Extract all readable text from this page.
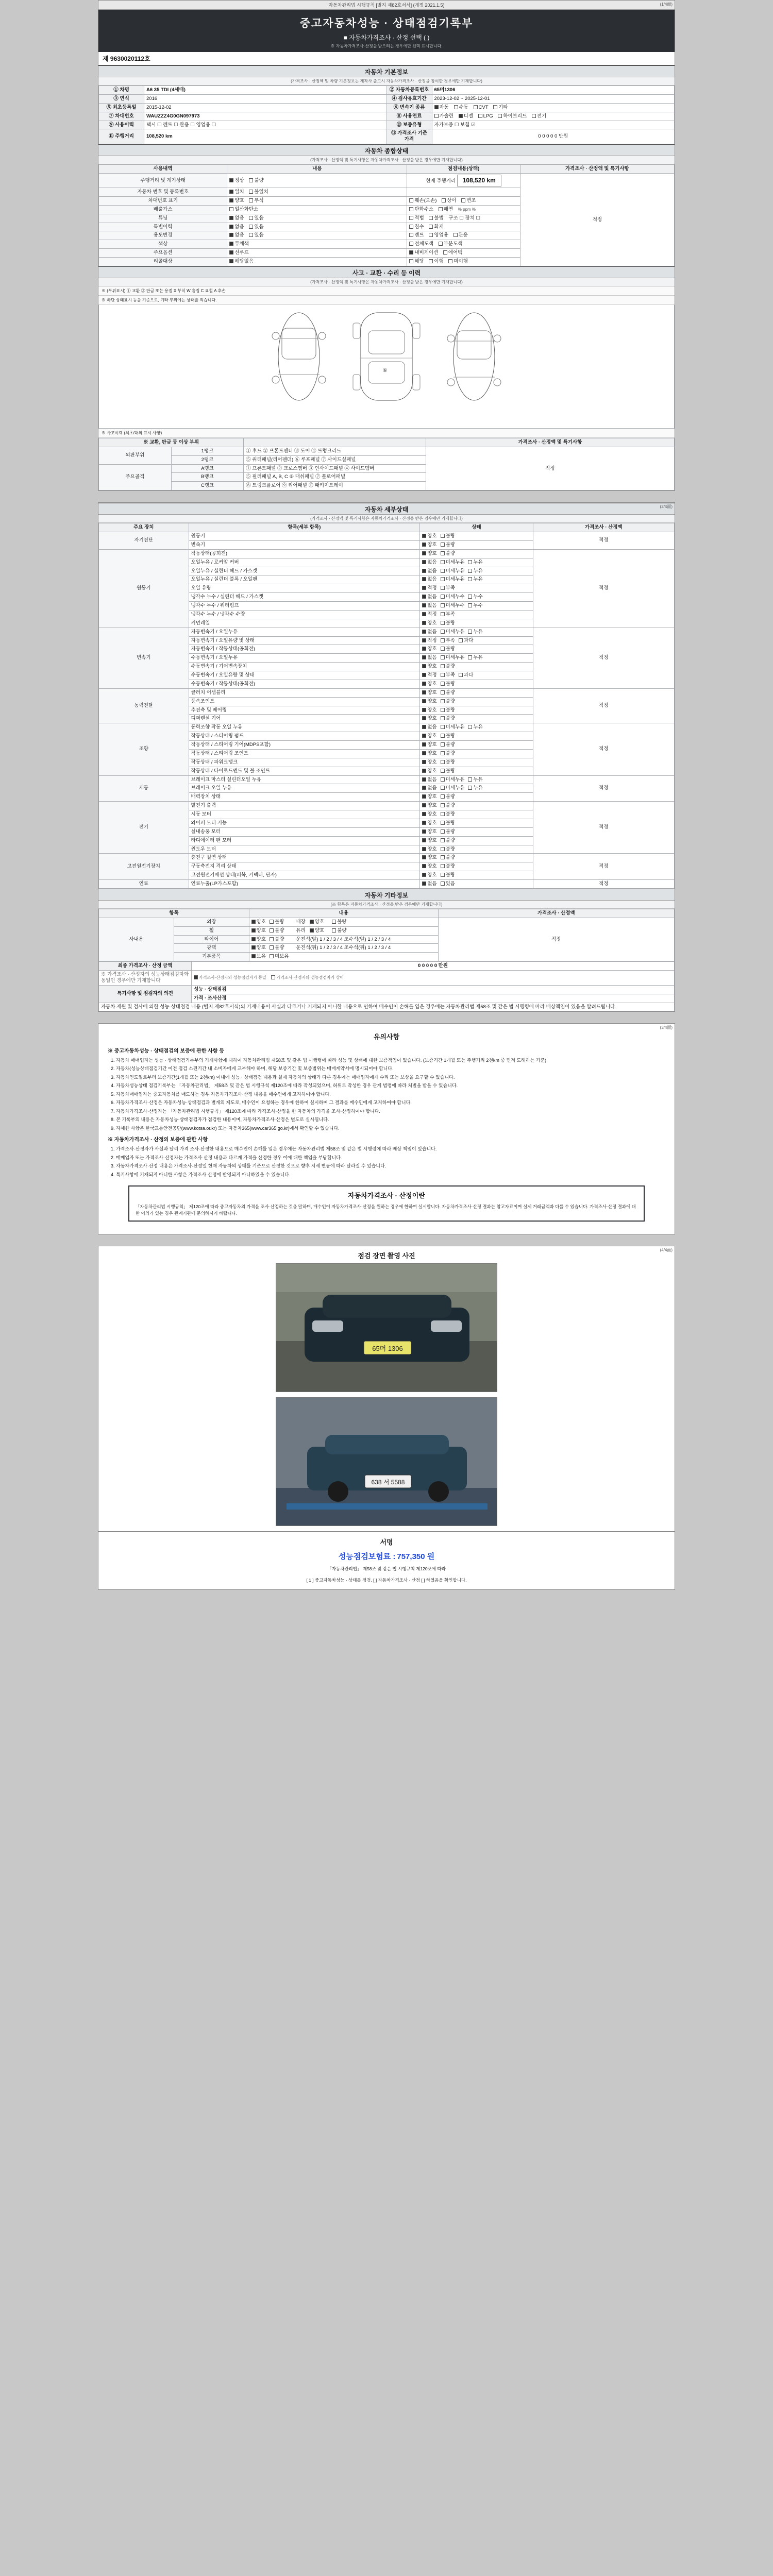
자동차관리법 시행규칙 [별지 제82호서식] (개정 2021.1.5)	(1/4面)
중고자동차성능 · 상태점검기록부
■ 자동차가격조사 · 산정 선택 ( )
※ 자동차가격조사·산정을 받으려는 경우에만 선택 표시합니다.
제 9630020112호
자동차 기본정보
(가격조사 · 산정액 및 차량 기본정보는 제작사 출고시 자동차가격조사 · 산정을 참여한 경우에만 기재합니다)
① 차명	A6 35 TDI (4세대)	② 자동차등록번호	65머1306
③ 연식	2016	④ 검사유효기간	2023-12-02 ~ 2025-12-01
⑤ 최초등록일	2015-12-02	⑥ 변속기 종류	자동 수동 CVT 기타
⑦ 차대번호	WAUZZZ4G0GN097973	⑧ 사용연료	가솔린 디젤 LPG 하이브리드 전기
⑨ 사용이력	택시 ☐ 렌트 ☐ 관용 ☐ 영업용 ☐	⑩ 보증유형	자가보증 ☐ 보험 ☑
⑪ 주행거리	108,520 km	⑫ 가격조사 기준가격	0 0 0 0 0 만원
자동차 종합상태
(가격조사 · 산정액 및 특기사항은 자동차가격조사 · 산정을 받은 경우에만 기재합니다)
사용내역	내용	점검내용(상태)	가격조사 · 산정액 및 특기사항
주행거리 및 계기상태	정상 불량	현재 주행거리 108,520 km	적정
자동차 번호 및 등록번호	일치 불일치		
차대번호 표기	양호 부식	훼손(오손) 상이 변조	
배출가스	일산화탄소	탄화수소 매연 % ppm %	
튜닝	없음 있음	적법 불법 구조 ☐ 장치 ☐	
특별이력	없음 있음	침수 화재	
용도변경	없음 있음	렌트 영업용 관용	
색상	무채색	전체도색 부분도색	
주요옵션	선루프	내비게이션 에어백	
리콜대상	해당없음	해당 이행 미이행	
사고 · 교환 · 수리 등 이력
(가격조사 · 산정액 및 특기사항은 자동차가격조사 · 산정을 받은 경우에만 기재합니다)
※ (부위표시) ① 교환 ② 판금 또는 용접 X 부식 W 흠집 C 요철 A 후손
※ 하단 상태표시 등을 기준으로, 기타 부위에는 상태를 적습니다.
⑥
※ 사고이력 (최초/대외 표시 사항)
※ 교환, 판금 등 이상 부위			가격조사 · 산정액 및 특기사항
외판부위	1랭크	① 후드 ② 프론트펜더 ③ 도어 ④ 트렁크리드	적정
	2랭크	⑤ 쿼터패널(리어펜더) ⑥ 루프패널 ⑦ 사이드실패널	
주요골격	A랭크	① 프론트패널 ② 크로스멤버 ③ 인사이드패널 ④ 사이드멤버	
	B랭크	⑤ 필러패널 A, B, C ⑥ 대쉬패널 ⑦ 플로어패널	
	C랭크	⑧ 트렁크플로어 ⑨ 리어패널 ⑩ 패키지트레이	
(2/4面)
자동차 세부상태
(가격조사 · 산정액 및 특기사항은 자동차가격조사 · 산정을 받은 경우에만 기재합니다)
주요 장치	항목(세부 항목)	상태	가격조사 · 산정액
자기진단	원동기	양호 불량	적정
	변속기	양호 불량	
원동기	작동상태(공회전)	양호 불량	적정
	오일누유 / 로커암 커버	없음 미세누유 누유	
	오일누유 / 실린더 헤드 / 가스켓	없음 미세누유 누유	
	오일누유 / 실린더 블록 / 오일팬	없음 미세누유 누유	
	오일 유량	적정 부족	
	냉각수 누수 / 실린더 헤드 / 가스켓	없음 미세누수 누수	
	냉각수 누수 / 워터펌프	없음 미세누수 누수	
	냉각수 누수 / 냉각수 수량	적정 부족	
	커먼레일	양호 불량	
변속기	자동변속기 / 오일누유	없음 미세누유 누유	적정
	자동변속기 / 오일유량 및 상태	적정 부족 과다	
	자동변속기 / 작동상태(공회전)	양호 불량	
	수동변속기 / 오일누유	없음 미세누유 누유	
	수동변속기 / 기어변속장치	양호 불량	
	수동변속기 / 오일유량 및 상태	적정 부족 과다	
	수동변속기 / 작동상태(공회전)	양호 불량	
동력전달	클러치 어셈블리	양호 불량	적정
	등속조인트	양호 불량	
	추진축 및 베어링	양호 불량	
	디퍼렌셜 기어	양호 불량	
조향	동력조향 작동 오일 누유	없음 미세누유 누유	적정
	작동상태 / 스티어링 펌프	양호 불량	
	작동상태 / 스티어링 기어(MDPS포함)	양호 불량	
	작동상태 / 스티어링 조인트	양호 불량	
	작동상태 / 파워크랭크	양호 불량	
	작동상태 / 타이로드엔드 및 볼 조인트	양호 불량	
제동	브레이크 마스터 실린더오일 누유	없음 미세누유 누유	적정
	브레이크 오일 누유	없음 미세누유 누유	
	배력장치 상태	양호 불량	
전기	발전기 출력	양호 불량	적정
	시동 모터	양호 불량	
	와이퍼 모터 기능	양호 불량	
	실내송풍 모터	양호 불량	
	라디에이터 팬 모터	양호 불량	
	윈도우 모터	양호 불량	
고전원전기장치	충전구 절연 상태	양호 불량	적정
	구동축전지 격리 상태	양호 불량	
	고전원전기배선 상태(피복, 커넥터, 단자)	양호 불량	
연료	연료누출(LP가스포함)	없음 있음	적정
자동차 기타정보
(※ 항목은 자동차가격조사 · 산정을 받은 경우에만 기재합니다)
항목		내용	가격조사 · 산정액
사내용	외장	양호 불량 내장 양호 불량	적정
	휠	양호 불량 유리 양호 불량	
	타이어	양호 불량 운전석(앞) 1 / 2 / 3 / 4 조수석(앞) 1 / 2 / 3 / 4	
	광택	양호 불량 운전석(뒤) 1 / 2 / 3 / 4 조수석(뒤) 1 / 2 / 3 / 4	
	기본품목	보유 미보유	
최종 가격조사 · 산정 금액	0 0 0 0 0 만원
※ 가격조사 · 산정자의 성능상태점검자와 동일인 경우에만 기재합니다	가격조사·산정자와 성능점검자가 동일 가격조사·산정자와 성능점검자가 상이
특기사항 및 점검자의 의견	성능 · 상태점검
	가격 · 조사산정
자동차 제원 및 검사에 의한 성능·상태점검 내용 (별지 제82호서식)의 기재내용이 사실과 다르거나 기재되지 아니한 내용으로 인하여 매수인이 손해를 입은 경우에는 자동차관리법 제58조 및 같은 법 시행령에 따라 배상책임이 있음을 알려드립니다.	
(3/4面)
유의사항
※ 중고자동차성능 · 상태점검의 보증에 관한 사항 등
1. 자동차 매매업자는 성능 · 상태점검기록부의 기재사항에 대하여 자동차관리법 제58조 및 같은 법 시행령에 따라 성능 및 상태에 대한 보증책임이 있습니다. (보증기간 1개월 또는 주행거리 2천km 중 먼저 도래하는 기준)
2. 자동차(성능상태점검기간 이전 점검 소견기간 내 소비자에게 교부해야 하며, 해당 보증기간 및 보증범위는 매매계약서에 명시되어야 합니다.
3. 자동차인도일로부터 보증기간(1개월 또는 2천km) 이내에 성능 · 상태점검 내용과 실제 자동차의 상태가 다른 경우에는 매매업자에게 수리 또는 보상을 요구할 수 있습니다.
4. 자동차성능상태 점검기록부는 「자동차관리법」 제58조 및 같은 법 시행규칙 제120조에 따라 작성되었으며, 허위로 작성한 경우 관계 법령에 따라 처벌을 받을 수 있습니다.
5. 자동차매매업자는 중고자동차를 매도하는 경우 자동차가격조사·산정 내용을 매수인에게 고지하여야 합니다.
6. 자동차가격조사·산정은 자동차성능·상태점검과 별개의 제도로, 매수인이 요청하는 경우에 한하여 실시하며 그 결과를 매수인에게 고지하여야 합니다.
7. 자동차가격조사·산정자는 「자동차관리법 시행규칙」 제120조에 따라 가격조사·산정을 한 자동차의 가격을 조사·산정하여야 합니다.
8. 본 기록부의 내용은 자동차성능·상태점검자가 점검한 내용이며, 자동차가격조사·산정은 별도로 실시됩니다.
9. 자세한 사항은 한국교통안전공단(www.kotsa.or.kr) 또는 자동차365(www.car365.go.kr)에서 확인할 수 있습니다.
※ 자동차가격조사 · 산정의 보증에 관한 사항
1. 가격조사·산정자가 사실과 달리 가격 조사·산정한 내용으로 매수인이 손해를 입은 경우에는 자동차관리법 제58조 및 같은 법 시행령에 따라 배상 책임이 있습니다.
2. 매매업자 또는 가격조사·산정자는 가격조사·산정 내용과 다르게 가격을 산정한 경우 이에 대한 책임을 부담합니다.
3. 자동차가격조사·산정 내용은 가격조사·산정일 현재 자동차의 상태를 기준으로 산정한 것으로 향후 시세 변동에 따라 달라질 수 있습니다.
4. 특기사항에 기재되지 아니한 사항은 가격조사·산정에 반영되지 아니하였을 수 있습니다.
자동차가격조사 · 산정이란
「자동차관리법 시행규칙」 제120조에 따라 중고자동차의 가격을 조사·산정하는 것을 말하며, 매수인이 자동차가격조사·산정을 원하는 경우에 한하여 실시합니다. 자동차가격조사·산정 결과는 참고자료이며 실제 거래금액과 다를 수 있습니다. 가격조사·산정 결과에 대한 이의가 있는 경우 관계기관에 문의하시기 바랍니다.
(4/4面)
점검 장면 촬영 사진
65머 1306
638 서 5588
서명
성능점검보험료 : 757,350 원
「자동차관리법」 제58조 및 같은 법 시행규칙 제120조에 따라
[ 1 ] 중고자동차성능 · 상태를 점검, [ ] 자동차가격조사 · 산정 [ ] 하였음을 확인합니다.
